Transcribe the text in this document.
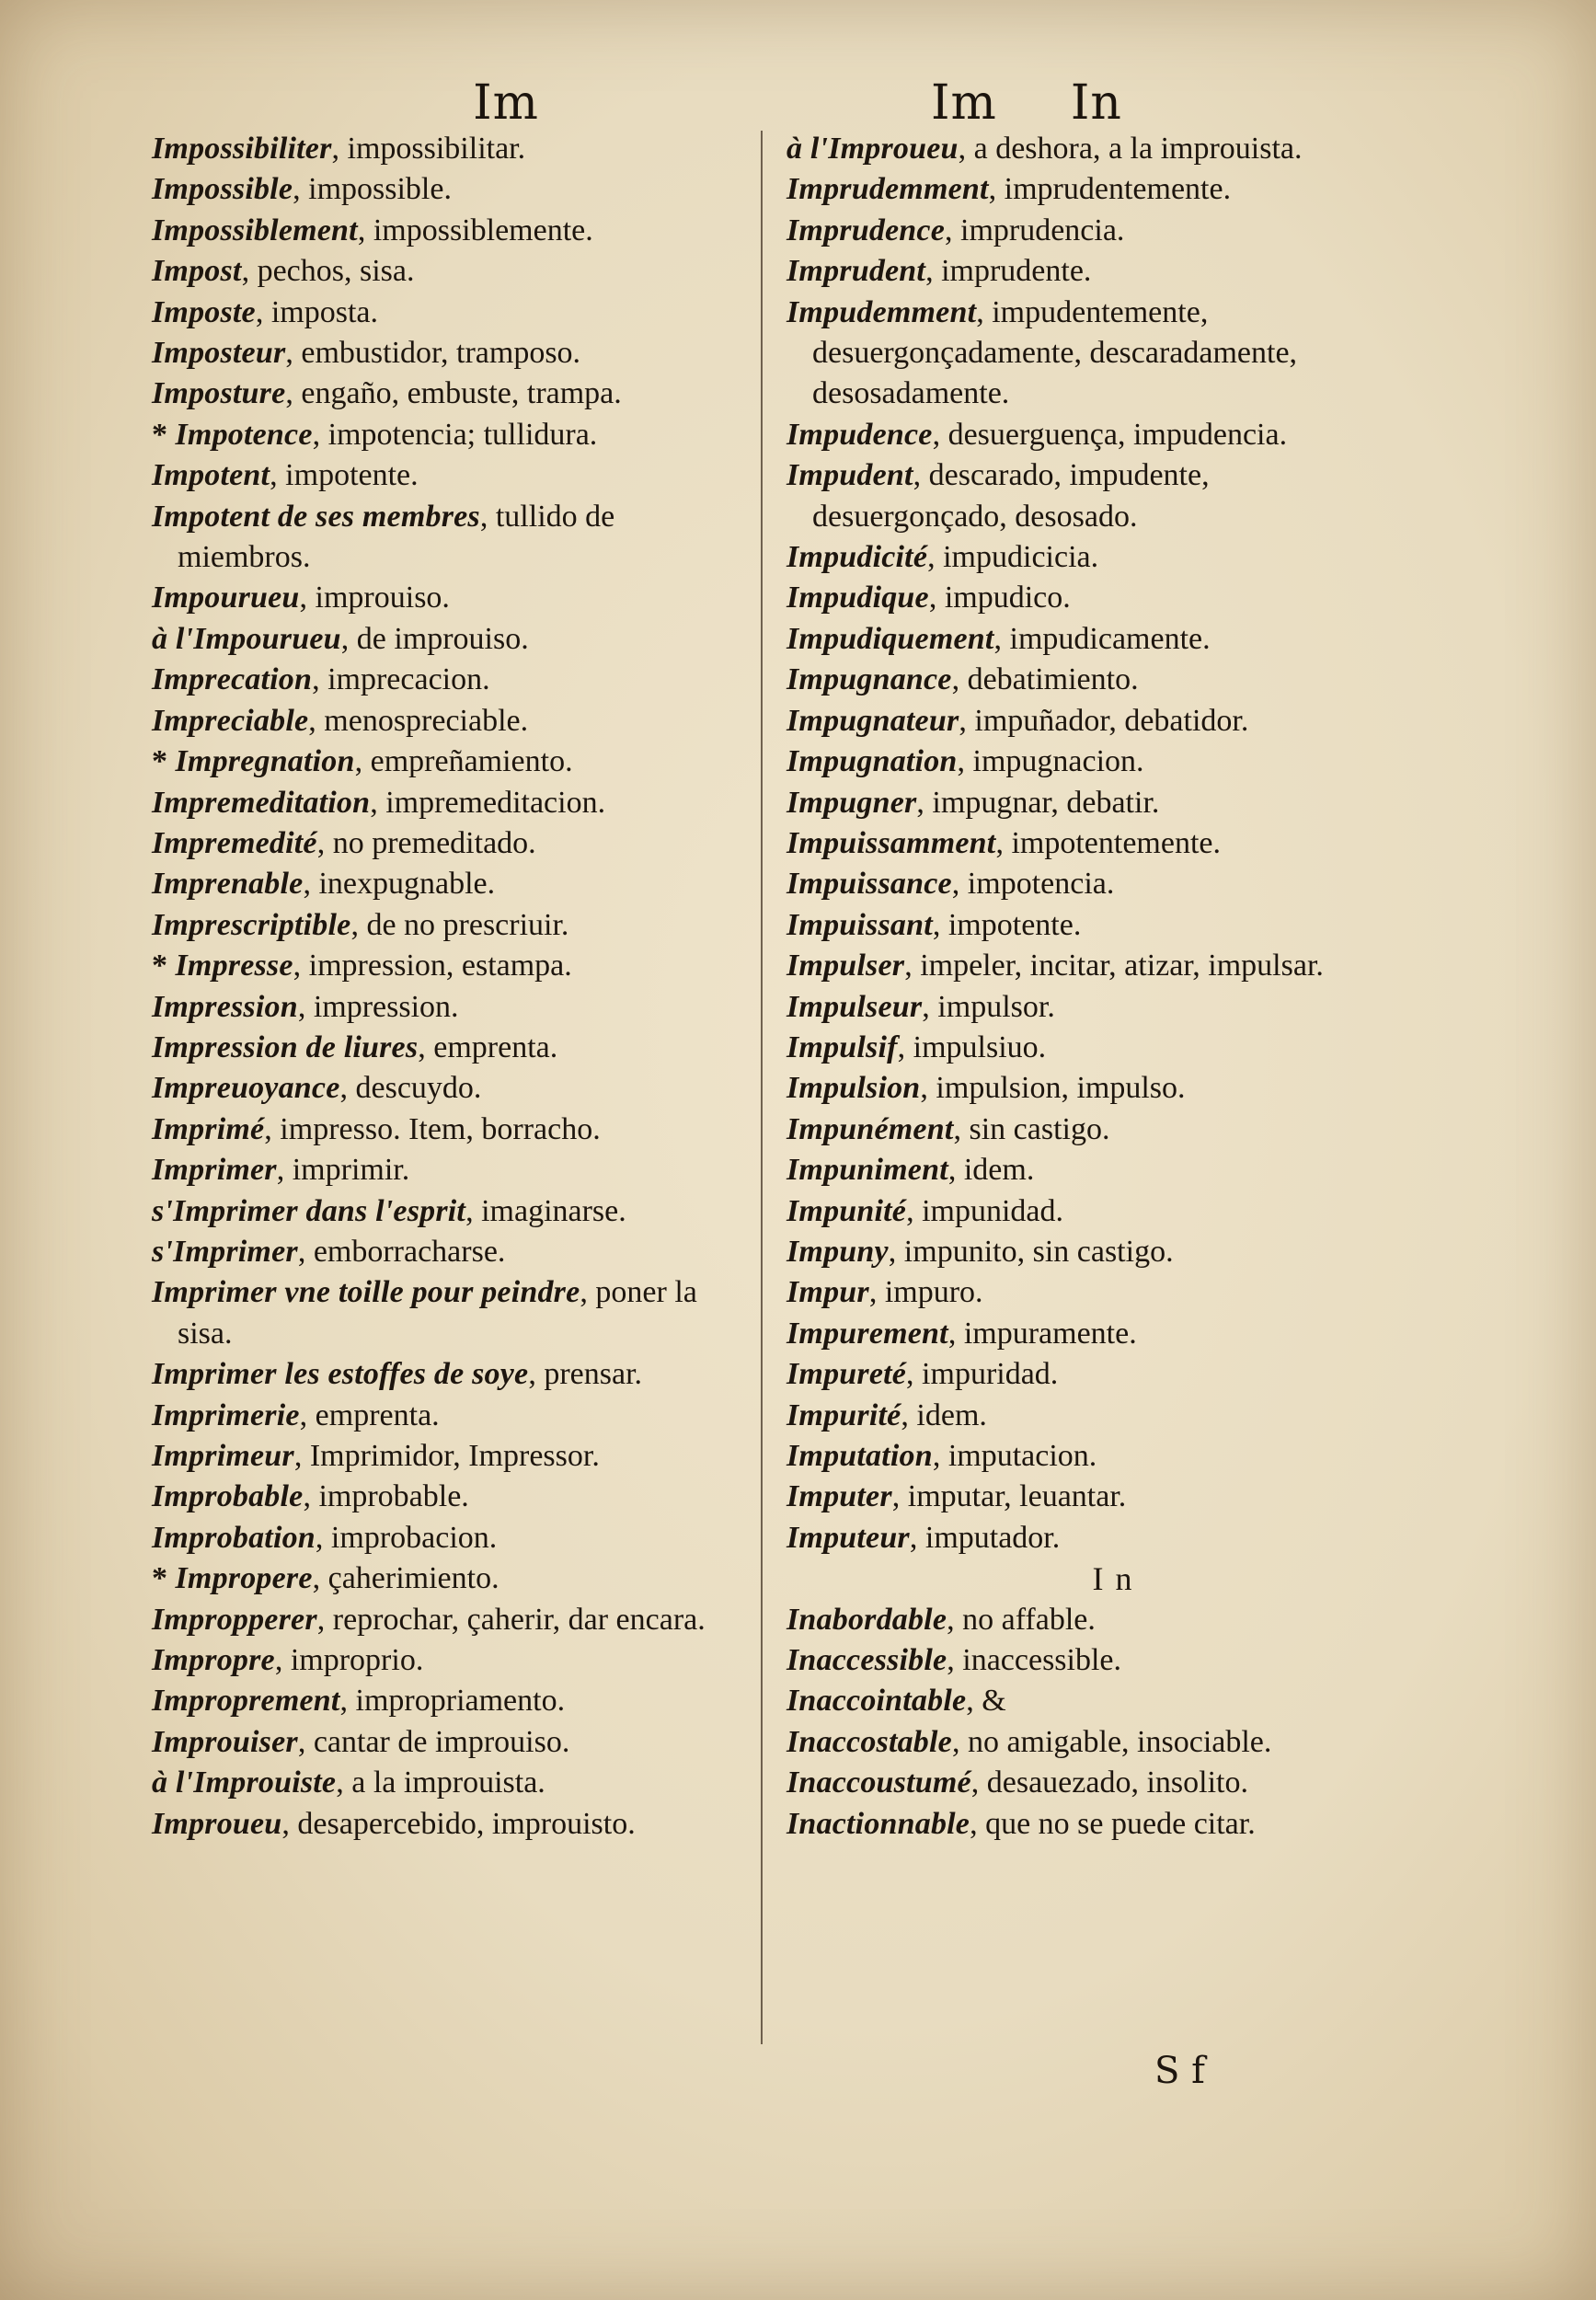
Im	Im In
Impossibiliter, impossibilitar.
Impossible, impossible.
Impossiblement, impossiblemente.
Impost, pechos, sisa.
Imposte, imposta.
Imposteur, embustidor, tramposo.
Imposture, engaño, embuste, trampa.
* Impotence, impotencia; tullidura.
Impotent, impotente.
Impotent de ses membres, tullido de miembros.
Impourueu, improuiso.
à l'Impourueu, de improuiso.
Imprecation, imprecacion.
Impreciable, menospreciable.
* Impregnation, empreñamiento.
Impremeditation, impremeditacion.
Impremedité, no premeditado.
Imprenable, inexpugnable.
Imprescriptible, de no prescriuir.
* Impresse, impression, estampa.
Impression, impression.
Impression de liures, emprenta.
Impreuoyance, descuydo.
Imprimé, impresso. Item, borracho.
Imprimer, imprimir.
s'Imprimer dans l'esprit, imaginarse.
s'Imprimer, emborracharse.
Imprimer vne toille pour peindre, poner la sisa.
Imprimer les estoffes de soye, prensar.
Imprimerie, emprenta.
Imprimeur, Imprimidor, Impressor.
Improbable, improbable.
Improbation, improbacion.
* Impropere, çaherimiento.
Impropperer, reprochar, çaherir, dar encara.
Impropre, improprio.
Improprement, impropriamento.
Improuiser, cantar de improuiso.
à l'Improuiste, a la improuista.
Improueu, desapercebido, improuisto.
à l'Improueu, a deshora, a la improuista.
Imprudemment, imprudentemente.
Imprudence, imprudencia.
Imprudent, imprudente.
Impudemment, impudentemente, desuergonçadamente, descaradamente, desosadamente.
Impudence, desuerguença, impudencia.
Impudent, descarado, impudente, desuergonçado, desosado.
Impudicité, impudicicia.
Impudique, impudico.
Impudiquement, impudicamente.
Impugnance, debatimiento.
Impugnateur, impuñador, debatidor.
Impugnation, impugnacion.
Impugner, impugnar, debatir.
Impuissamment, impotentemente.
Impuissance, impotencia.
Impuissant, impotente.
Impulser, impeler, incitar, atizar, impulsar.
Impulseur, impulsor.
Impulsif, impulsiuo.
Impulsion, impulsion, impulso.
Impunément, sin castigo.
Impuniment, idem.
Impunité, impunidad.
Impuny, impunito, sin castigo.
Impur, impuro.
Impurement, impuramente.
Impureté, impuridad.
Impurité, idem.
Imputation, imputacion.
Imputer, imputar, leuantar.
Imputeur, imputador.
I n
Inabordable, no affable.
Inaccessible, inaccessible.
Inaccointable, &
Inaccostable, no amigable, insociable.
Inaccoustumé, desauezado, insolito.
Inactionnable, que no se puede citar.
S f
